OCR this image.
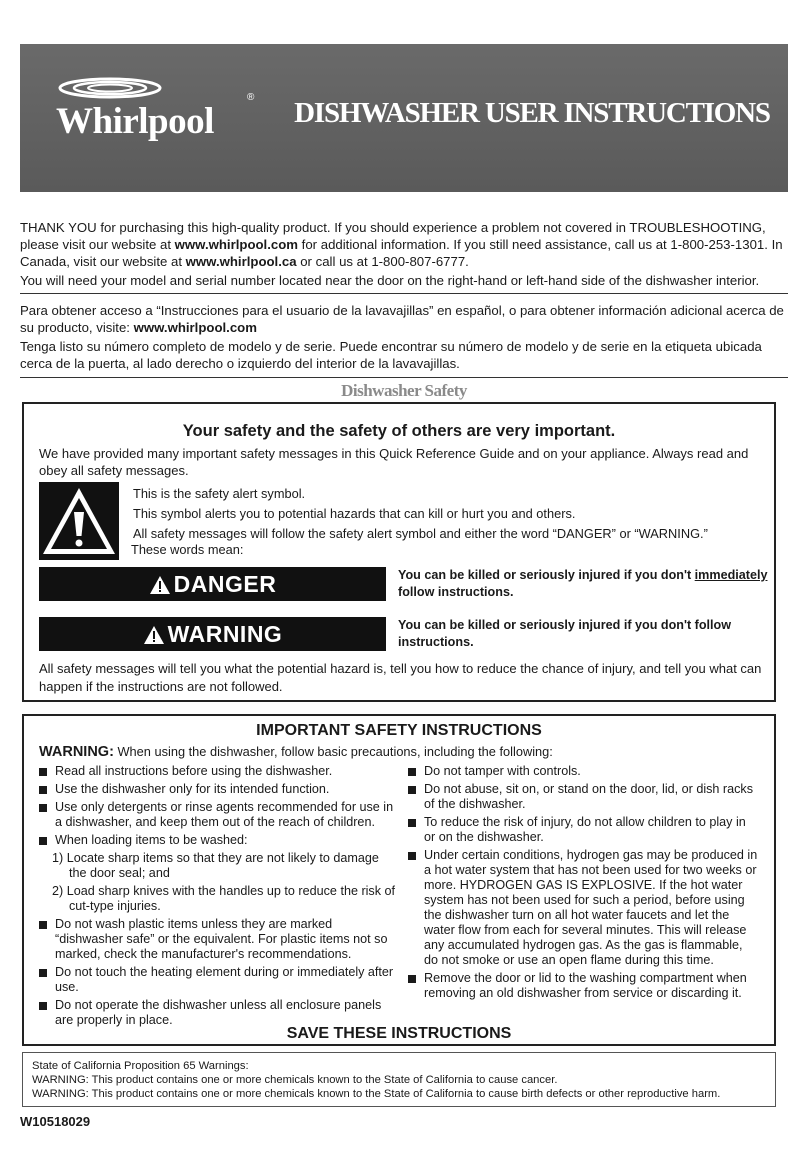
Whirlpool
® DISHWASHER USER INSTRUCTIONS

THANK YOU for purchasing this high-quality product. If you should experience a problem not covered in TROUBLESHOOTING, please visit our website at www.whirlpool.com for additional information. If you still need assistance, call us at 1-800-253-1301. In Canada, visit our website at www.whirlpool.ca or call us at 1-800-807-6777.

You will need your model and serial number located near the door on the right-hand or left-hand side of the dishwasher interior.

Para obtener acceso a “Instrucciones para el usuario de la lavavajillas” en español, o para obtener información adicional acerca de su producto, visite: www.whirlpool.com

Tenga listo su número completo de modelo y de serie. Puede encontrar su número de modelo y de serie en la etiqueta ubicada cerca de la puerta, al lado derecho o izquierdo del interior de la lavavajillas.

Dishwasher Safety
Your safety and the safety of others are very important.

We have provided many important safety messages in this Quick Reference Guide and on your appliance. Always read and obey all safety messages.

This is the safety alert symbol.
This symbol alerts you to potential hazards that can kill or hurt you and others.
All safety messages will follow the safety alert symbol and either the word “DANGER” or “WARNING.”
These words mean:
DANGER	You can be killed or seriously injured if you don't immediately follow instructions.

WARNING	You can be killed or seriously injured if you don't follow instructions.

All safety messages will tell you what the potential hazard is, tell you how to reduce the chance of injury, and tell you what can happen if the instructions are not followed.

IMPORTANT SAFETY INSTRUCTIONS
WARNING: When using the dishwasher, follow basic precautions, including the following:

Read all instructions before using the dishwasher.

Use the dishwasher only for its intended function.

Use only detergents or rinse agents recommended for use in a dishwasher, and keep them out of the reach of children.

When loading items to be washed:

1) Locate sharp items so that they are not likely to damage the door seal; and

2) Load sharp knives with the handles up to reduce the risk of cut-type injuries.

Do not wash plastic items unless they are marked “dishwasher safe” or the equivalent. For plastic items not so marked, check the manufacturer's recommendations.

Do not touch the heating element during or immediately after use.

Do not operate the dishwasher unless all enclosure panels are properly in place.

Do not tamper with controls.

Do not abuse, sit on, or stand on the door, lid, or dish racks of the dishwasher.

To reduce the risk of injury, do not allow children to play in or on the dishwasher.

Under certain conditions, hydrogen gas may be produced in a hot water system that has not been used for two weeks or more. HYDROGEN GAS IS EXPLOSIVE. If the hot water system has not been used for such a period, before using the dishwasher turn on all hot water faucets and let the water flow from each for several minutes. This will release any accumulated hydrogen gas. As the gas is flammable, do not smoke or use an open flame during this time.

Remove the door or lid to the washing compartment when removing an old dishwasher from service or discarding it.

SAVE THESE INSTRUCTIONS
State of California Proposition 65 Warnings:
WARNING: This product contains one or more chemicals known to the State of California to cause cancer.
WARNING: This product contains one or more chemicals known to the State of California to cause birth defects or other reproductive harm.
W10518029
